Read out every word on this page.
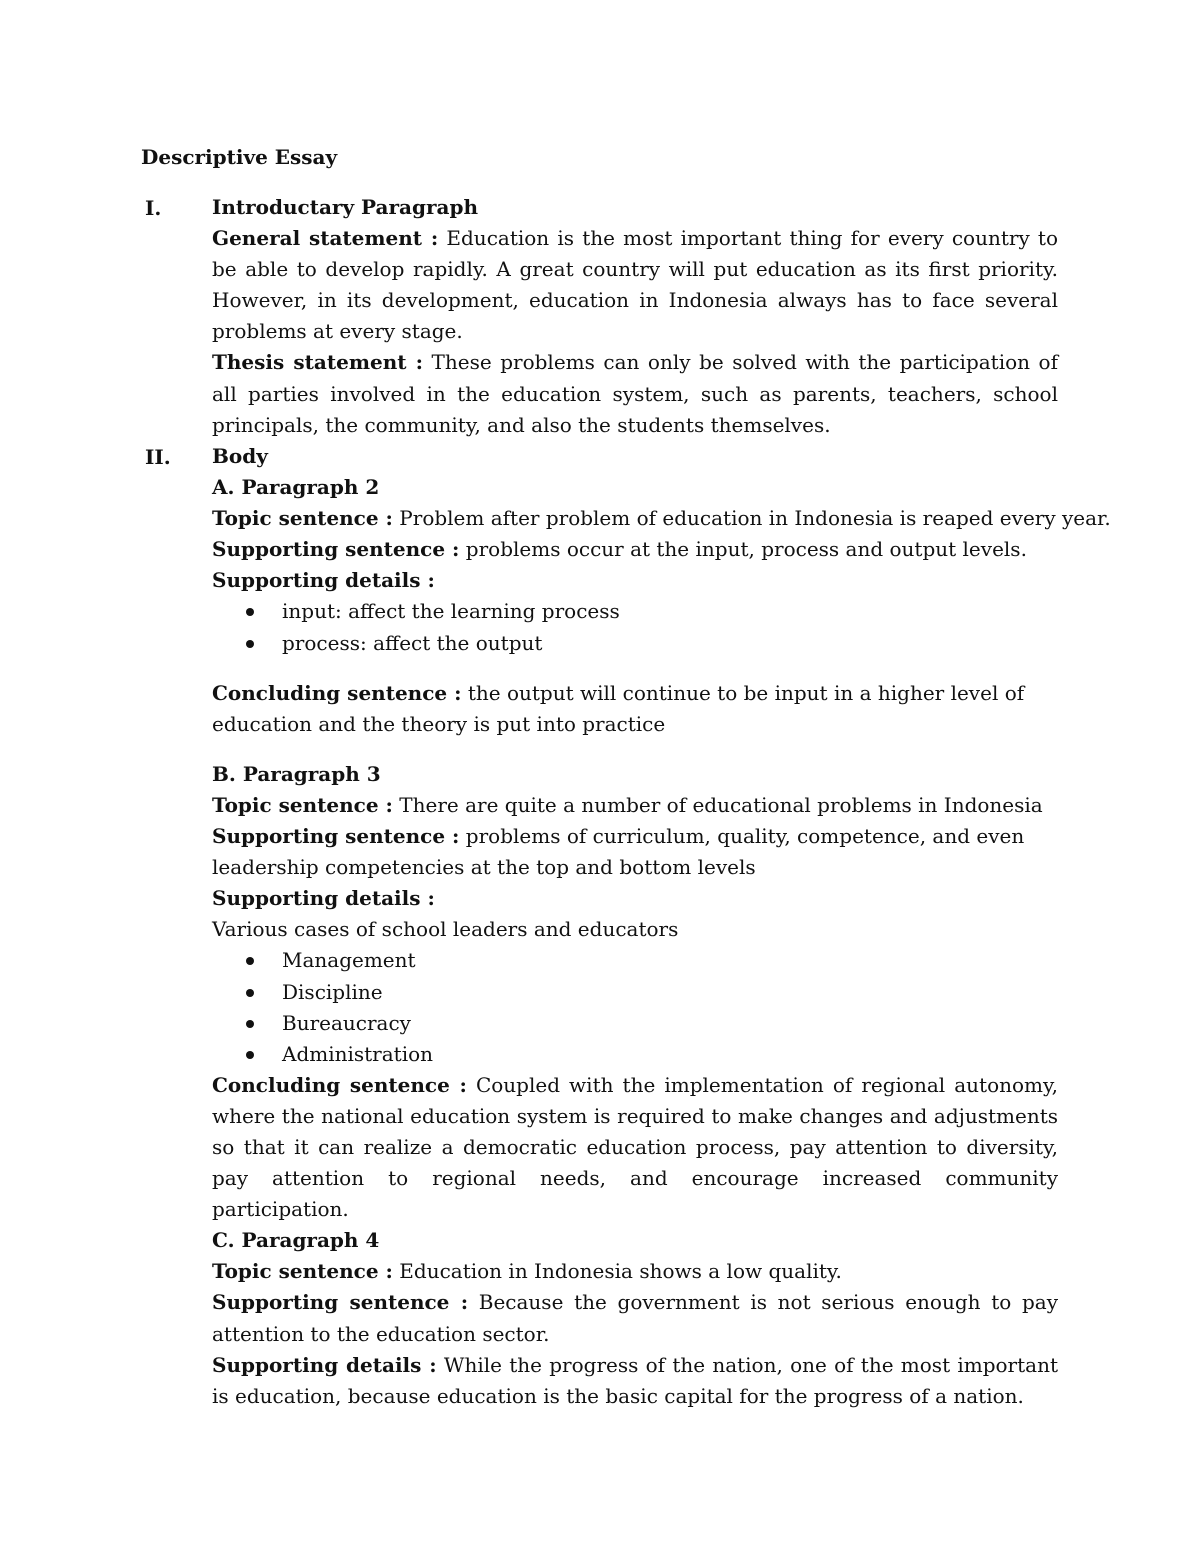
Descriptive Essay
I.	Introductary Paragraph
General statement : Education is the most important thing for every country to be able to develop rapidly. A great country will put education as its first priority. However, in its development, education in Indonesia always has to face several problems at every stage.
Thesis statement : These problems can only be solved with the participation of all parties involved in the education system, such as parents, teachers, school principals, the community, and also the students themselves.
II. Body
A. Paragraph 2
Topic sentence : Problem after problem of education in Indonesia is reaped every year.
Supporting sentence : problems occur at the input, process and output levels.
Supporting details :
input: affect the learning process
process: affect the output
Concluding sentence : the output will continue to be input in a higher level of education and the theory is put into practice
B. Paragraph 3
Topic sentence : There are quite a number of educational problems in Indonesia
Supporting sentence : problems of curriculum, quality, competence, and even leadership competencies at the top and bottom levels
Supporting details :
Various cases of school leaders and educators
Management
Discipline
Bureaucracy
Administration
Concluding sentence : Coupled with the implementation of regional autonomy, where the national education system is required to make changes and adjustments so that it can realize a democratic education process, pay attention to diversity, pay attention to regional needs, and encourage increased community participation.
C. Paragraph 4
Topic sentence : Education in Indonesia shows a low quality.
Supporting sentence : Because the government is not serious enough to pay attention to the education sector.
Supporting details : While the progress of the nation, one of the most important is education, because education is the basic capital for the progress of a nation.
